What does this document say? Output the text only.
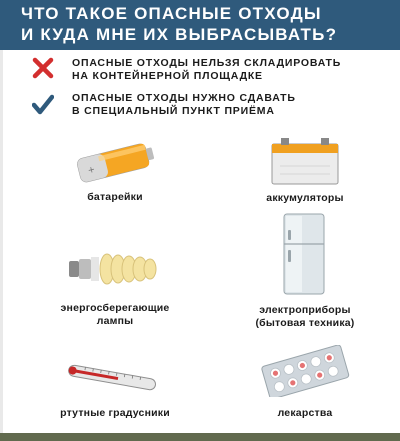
ЧТО ТАКОЕ ОПАСНЫЕ ОТХОДЫ
И КУДА МНЕ ИХ ВЫБРАСЫВАТЬ?
ОПАСНЫЕ ОТХОДЫ НЕЛЬЗЯ СКЛАДИРОВАТЬ
НА КОНТЕЙНЕРНОЙ ПЛОЩАДКЕ
ОПАСНЫЕ ОТХОДЫ НУЖНО СДАВАТЬ
В СПЕЦИАЛЬНЫЙ ПУНКТ ПРИЁМА
+
батарейки	аккумуляторы
энергосберегающие
лампы
электроприборы
(бытовая техника)
ртутные градусники	лекарства
